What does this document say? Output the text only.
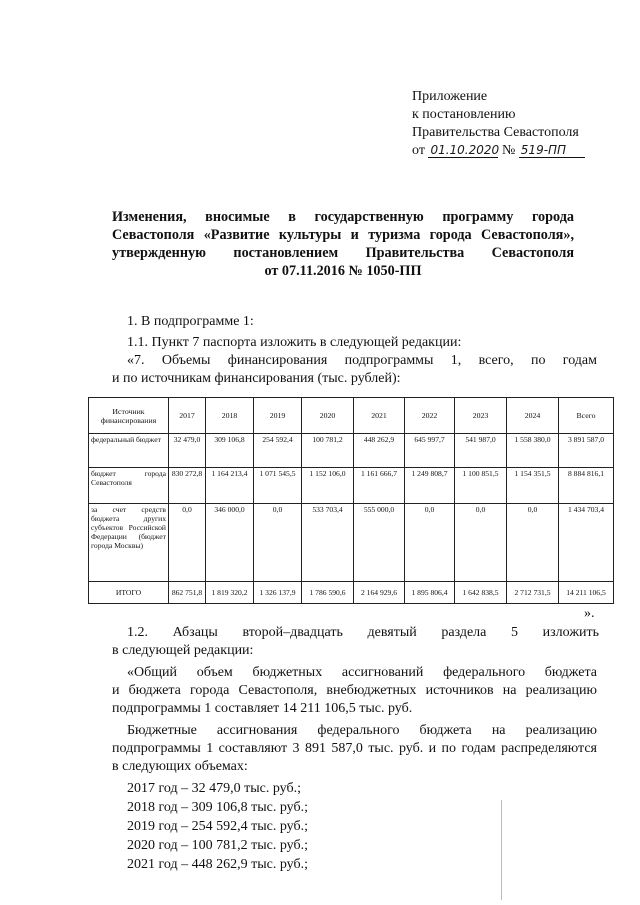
Приложение
к постановлению
Правительства Севастополя
от 01.10.2020 № 519-ПП
Изменения, вносимые в государственную программу города
Севастополя «Развитие культуры и туризма города Севастополя»,
утвержденную постановлением Правительства Севастополя
от 07.11.2016 № 1050-ПП
1. В подпрограмме 1:
1.1. Пункт 7 паспорта изложить в следующей редакции:
«7. Объемы финансирования подпрограммы 1, всего, по годам
и по источникам финансирования (тыс. рублей):
Источник финансирования	2017	2018	2019	2020	2021	2022	2023	2024	Всего
федеральный бюджет	32 479,0	309 106,8	254 592,4	100 781,2	448 262,9	645 997,7	541 987,0	1 558 380,0	3 891 587,0
бюджет города Севастополя	830 272,8	1 164 213,4	1 071 545,5	1 152 106,0	1 161 666,7	1 249 808,7	1 100 851,5	1 154 351,5	8 884 816,1
за счет средств бюджета других субъектов Российской Федерации (бюджет города Москвы)	0,0	346 000,0	0,0	533 703,4	555 000,0	0,0	0,0	0,0	1 434 703,4
ИТОГО	862 751,8	1 819 320,2	1 326 137,9	1 786 590,6	2 164 929,6	1 895 806,4	1 642 838,5	2 712 731,5	14 211 106,5
».
1.2. Абзацы второй–двадцать девятый раздела 5 изложить
в следующей редакции:
«Общий объем бюджетных ассигнований федерального бюджета
и бюджета города Севастополя, внебюджетных источников на реализацию
подпрограммы 1 составляет 14 211 106,5 тыс. руб.
Бюджетные ассигнования федерального бюджета на реализацию
подпрограммы 1 составляют 3 891 587,0 тыс. руб. и по годам распределяются
в следующих объемах:
2017 год – 32 479,0 тыс. руб.;
2018 год – 309 106,8 тыс. руб.;
2019 год – 254 592,4 тыс. руб.;
2020 год – 100 781,2 тыс. руб.;
2021 год – 448 262,9 тыс. руб.;
